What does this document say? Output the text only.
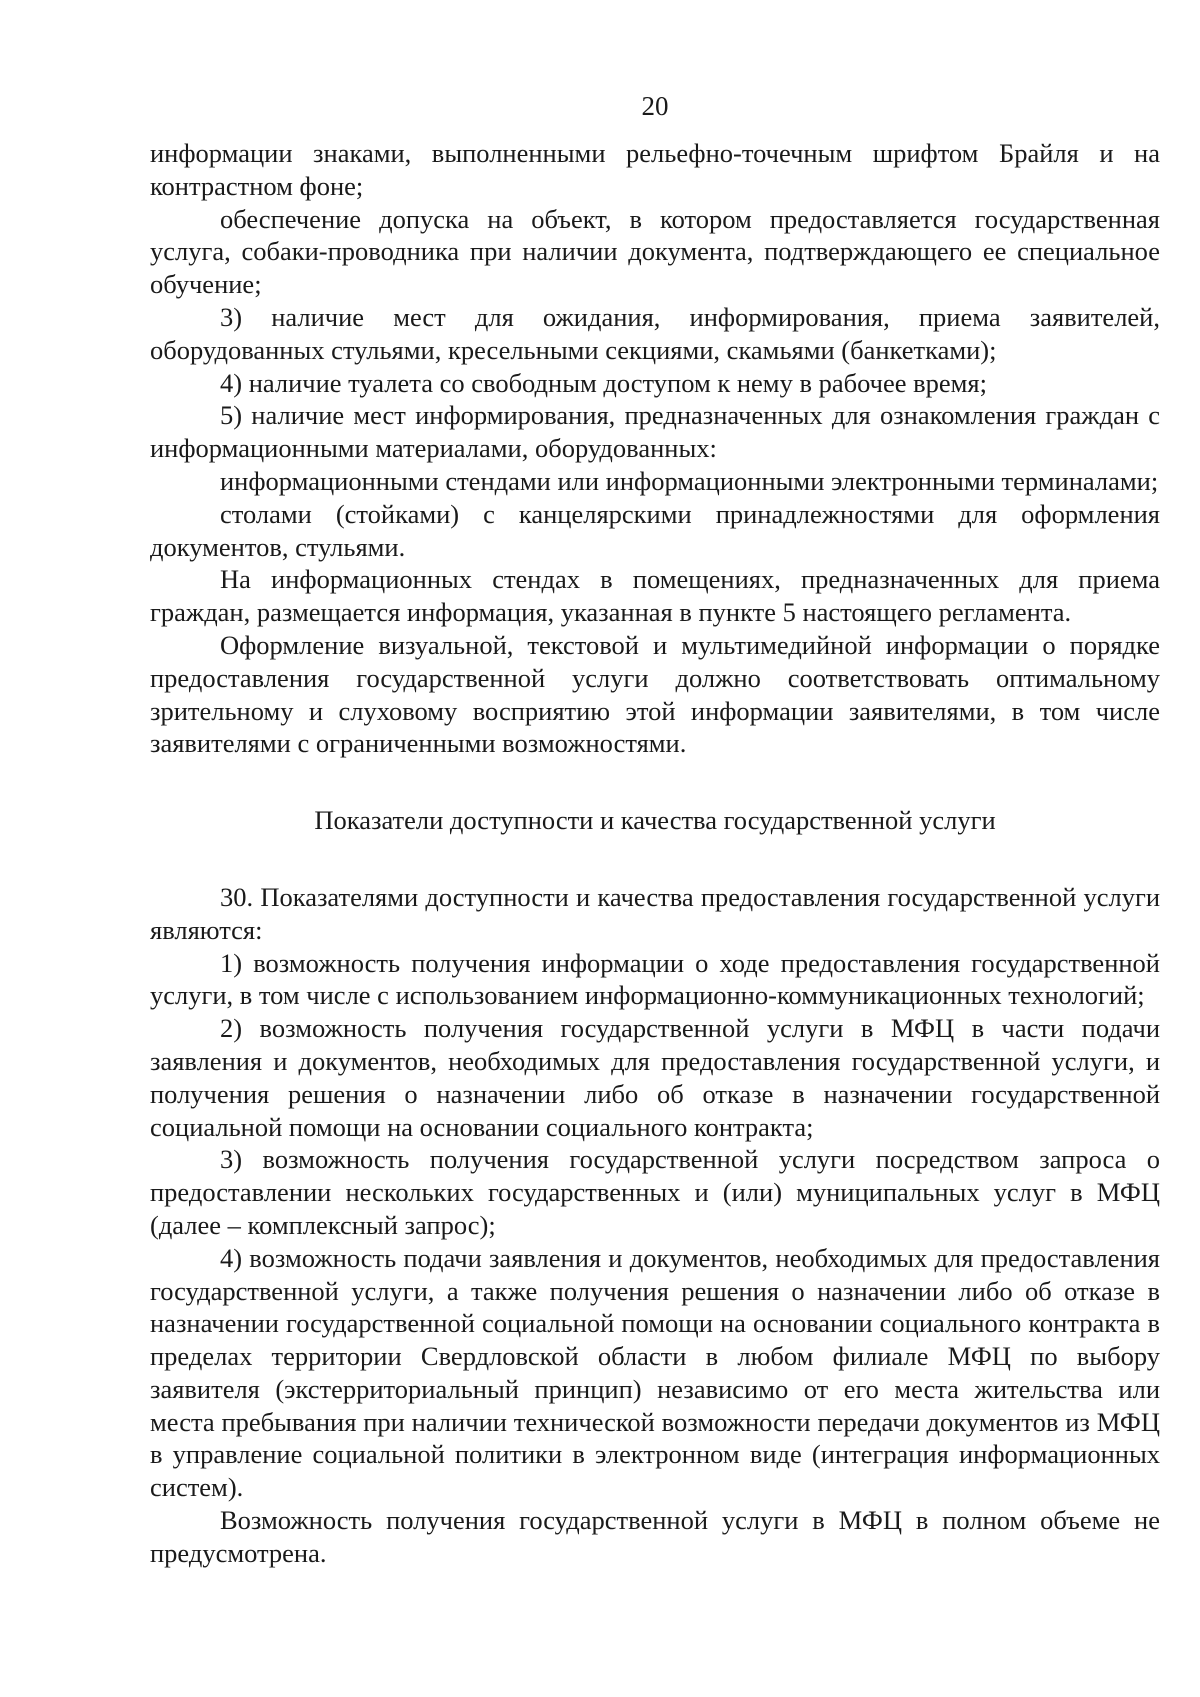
20

информации знаками, выполненными рельефно-точечным шрифтом Брайля и на контрастном фоне;

обеспечение допуска на объект, в котором предоставляется государственная услуга, собаки-проводника при наличии документа, подтверждающего ее специальное обучение;

3) наличие мест для ожидания, информирования, приема заявителей, оборудованных стульями, кресельными секциями, скамьями (банкетками);

4) наличие туалета со свободным доступом к нему в рабочее время;

5) наличие мест информирования, предназначенных для ознакомления граждан с информационными материалами, оборудованных:

информационными стендами или информационными электронными терминалами;

столами (стойками) с канцелярскими принадлежностями для оформления документов, стульями.

На информационных стендах в помещениях, предназначенных для приема граждан, размещается информация, указанная в пункте 5 настоящего регламента.

Оформление визуальной, текстовой и мультимедийной информации о порядке предоставления государственной услуги должно соответствовать оптимальному зрительному и слуховому восприятию этой информации заявителями, в том числе заявителями с ограниченными возможностями.

Показатели доступности и качества государственной услуги

30. Показателями доступности и качества предоставления государственной услуги являются:

1) возможность получения информации о ходе предоставления государственной услуги, в том числе с использованием информационно-коммуникационных технологий;

2) возможность получения государственной услуги в МФЦ в части подачи заявления и документов, необходимых для предоставления государственной услуги, и получения решения о назначении либо об отказе в назначении государственной социальной помощи на основании социального контракта;

3) возможность получения государственной услуги посредством запроса о предоставлении нескольких государственных и (или) муниципальных услуг в МФЦ (далее – комплексный запрос);

4) возможность подачи заявления и документов, необходимых для предоставления государственной услуги, а также получения решения о назначении либо об отказе в назначении государственной социальной помощи на основании социального контракта в пределах территории Свердловской области в любом филиале МФЦ по выбору заявителя (экстерриториальный принцип) независимо от его места жительства или места пребывания при наличии технической возможности передачи документов из МФЦ в управление социальной политики в электронном виде (интеграция информационных систем).

Возможность получения государственной услуги в МФЦ в полном объеме не предусмотрена.
